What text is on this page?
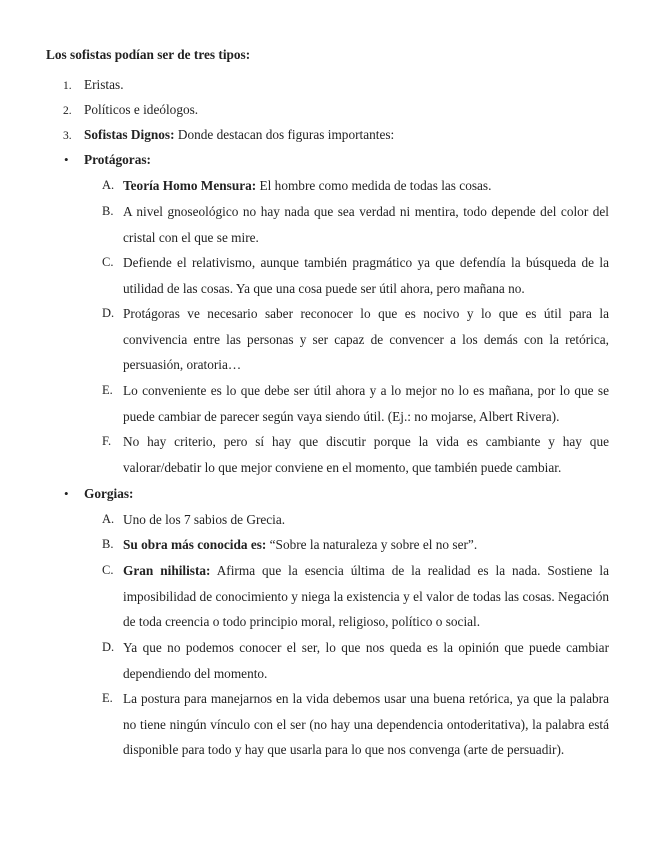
Los sofistas podían ser de tres tipos:
1. Eristas.
2. Políticos e ideólogos.
3. Sofistas Dignos: Donde destacan dos figuras importantes:
• Protágoras:
A. Teoría Homo Mensura: El hombre como medida de todas las cosas.
B. A nivel gnoseológico no hay nada que sea verdad ni mentira, todo depende del color del cristal con el que se mire.
C. Defiende el relativismo, aunque también pragmático ya que defendía la búsqueda de la utilidad de las cosas. Ya que una cosa puede ser útil ahora, pero mañana no.
D. Protágoras ve necesario saber reconocer lo que es nocivo y lo que es útil para la convivencia entre las personas y ser capaz de convencer a los demás con la retórica, persuasión, oratoria…
E. Lo conveniente es lo que debe ser útil ahora y a lo mejor no lo es mañana, por lo que se puede cambiar de parecer según vaya siendo útil. (Ej.: no mojarse, Albert Rivera).
F. No hay criterio, pero sí hay que discutir porque la vida es cambiante y hay que valorar/debatir lo que mejor conviene en el momento, que también puede cambiar.
• Gorgias:
A. Uno de los 7 sabios de Grecia.
B. Su obra más conocida es: “Sobre la naturaleza y sobre el no ser”.
C. Gran nihilista: Afirma que la esencia última de la realidad es la nada. Sostiene la imposibilidad de conocimiento y niega la existencia y el valor de todas las cosas. Negación de toda creencia o todo principio moral, religioso, político o social.
D. Ya que no podemos conocer el ser, lo que nos queda es la opinión que puede cambiar dependiendo del momento.
E. La postura para manejarnos en la vida debemos usar una buena retórica, ya que la palabra no tiene ningún vínculo con el ser (no hay una dependencia ontoderitativa), la palabra está disponible para todo y hay que usarla para lo que nos convenga (arte de persuadir).
